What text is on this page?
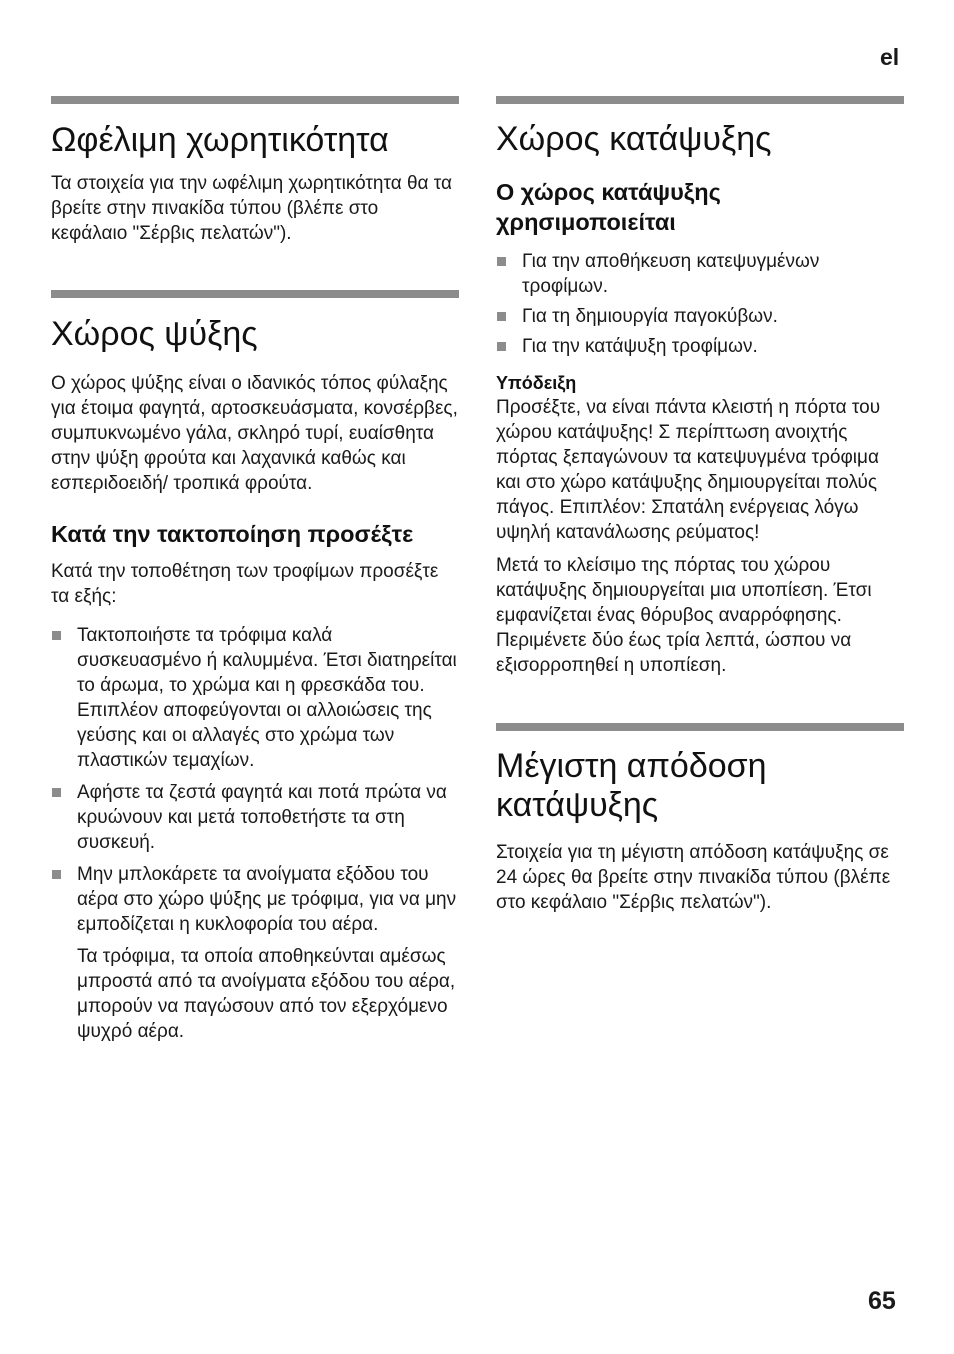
el
Ωφέλιμη χωρητικότητα

Τα στοιχεία για την ωφέλιμη χωρητικότητα θα τα βρείτε στην πινακίδα τύπου (βλέπε στο κεφάλαιο "Σέρβις πελατών").

Χώρος ψύξης

Ο χώρος ψύξης είναι ο ιδανικός τόπος φύλαξης για έτοιμα φαγητά, αρτοσκευάσματα, κονσέρβες, συμπυκνωμένο γάλα, σκληρό τυρί, ευαίσθητα στην ψύξη φρούτα και λαχανικά καθώς και εσπεριδοειδή/ τροπικά φρούτα.

Κατά την τακτοποίηση προσέξτε

Κατά την τοποθέτηση των τροφίμων προσέξτε τα εξής:

Τακτοποιήστε τα τρόφιμα καλά συσκευασμένο ή καλυμμένα. Έτσι διατηρείται το άρωμα, το χρώμα και η φρεσκάδα του. Επιπλέον αποφεύγονται οι αλλοιώσεις της γεύσης και οι αλλαγές στο χρώμα των πλαστικών τεμαχίων.
Αφήστε τα ζεστά φαγητά και ποτά πρώτα να κρυώνουν και μετά τοποθετήστε τα στη συσκευή.
Μην μπλοκάρετε τα ανοίγματα εξόδου του αέρα στο χώρο ψύξης με τρόφιμα, για να μην εμποδίζεται η κυκλοφορία του αέρα.

Τα τρόφιμα, τα οποία αποθηκεύνται αμέσως μπροστά από τα ανοίγματα εξόδου του αέρα, μπορούν να παγώσουν από τον εξερχόμενο ψυχρό αέρα.

Χώρος κατάψυξης
Ο χώρος κατάψυξης χρησιμοποιείται
Για την αποθήκευση κατεψυγμένων τροφίμων.
Για τη δημιουργία παγοκύβων.
Για την κατάψυξη τροφίμων.
Υπόδειξη

Προσέξτε, να είναι πάντα κλειστή η πόρτα του χώρου κατάψυξης! Σ περίπτωση ανοιχτής πόρτας ξεπαγώνουν τα κατεψυγμένα τρόφιμα και στο χώρο κατάψυξης δημιουργείται πολύς πάγος. Επιπλέον: Σπατάλη ενέργειας λόγω υψηλή κατανάλωσης ρεύματος!

Μετά το κλείσιμο της πόρτας του χώρου κατάψυξης δημιουργείται μια υποπίεση. Έτσι εμφανίζεται ένας θόρυβος αναρρόφησης. Περιμένετε δύο έως τρία λεπτά, ώσπου να εξισορροπηθεί η υποπίεση.

Μέγιστη απόδοση κατάψυξης

Στοιχεία για τη μέγιστη απόδοση κατάψυξης σε 24 ώρες θα βρείτε στην πινακίδα τύπου (βλέπε στο κεφάλαιο "Σέρβις πελατών").

65
